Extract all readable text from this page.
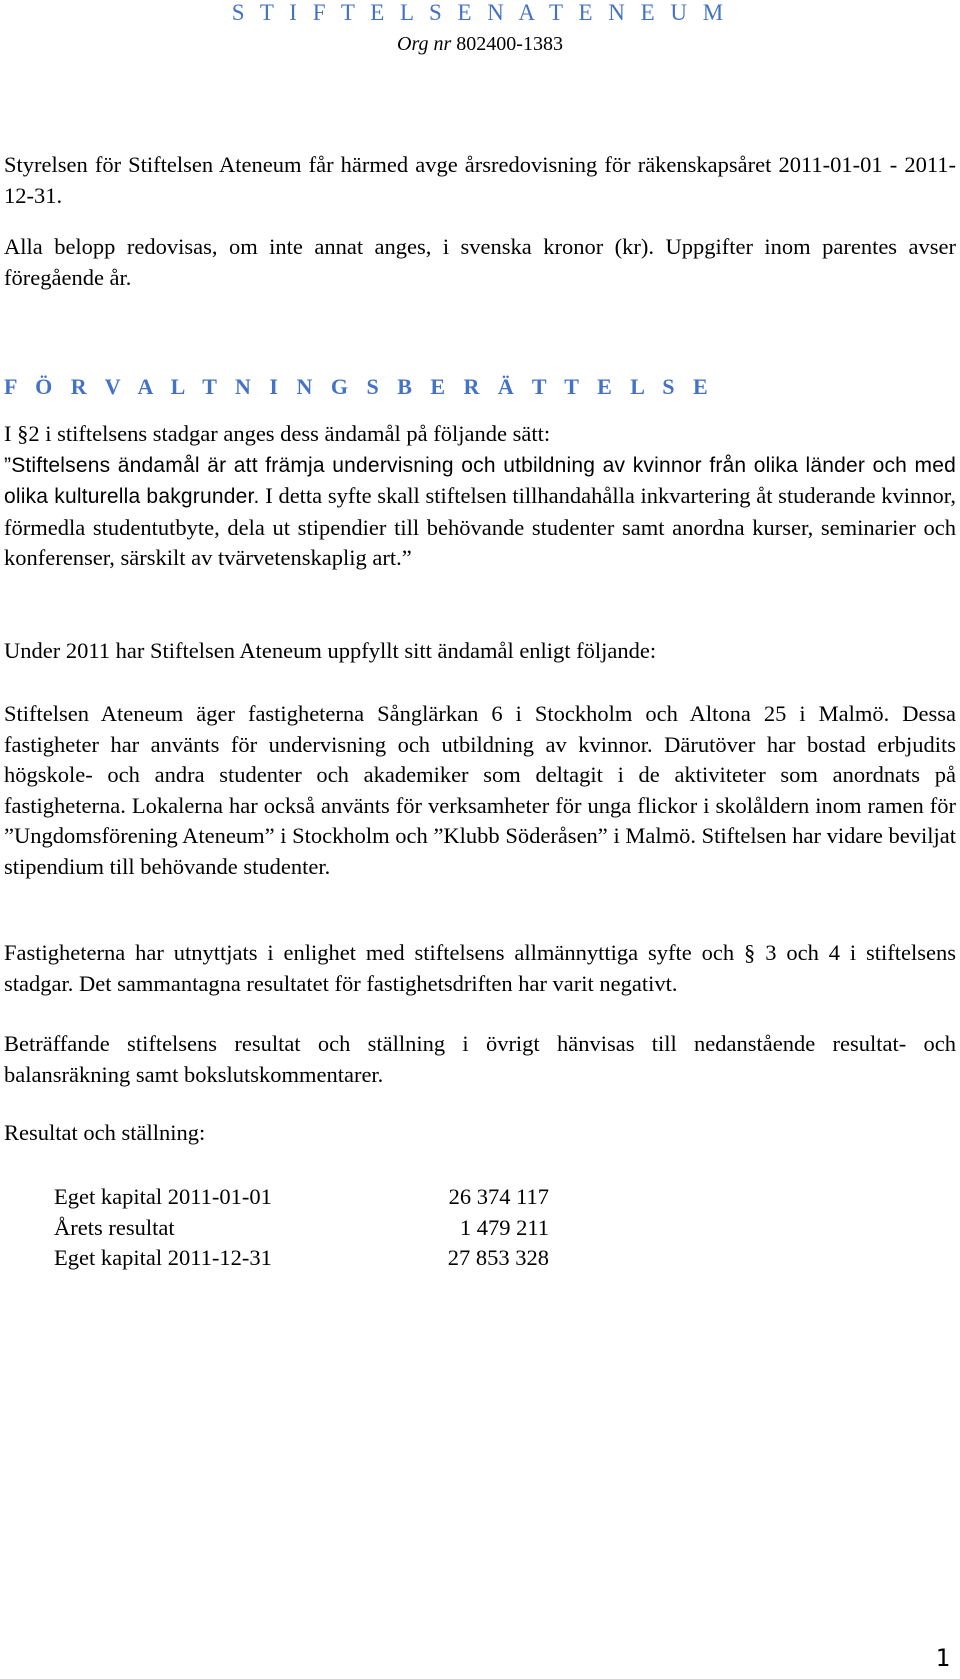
S T I F T E L S E N A T E N E U M
Org nr 802400-1383

Styrelsen för Stiftelsen Ateneum får härmed avge årsredovisning för räkenskapsåret 2011-01-01 - 2011-12-31.

Alla belopp redovisas, om inte annat anges, i svenska kronor (kr). Uppgifter inom parentes avser föregående år.

F Ö R V A L T N I N G S B E R Ä T T E L S E
I §2 i stiftelsens stadgar anges dess ändamål på följande sätt:
”Stiftelsens ändamål är att främja undervisning och utbildning av kvinnor från olika länder och med olika kulturella bakgrunder. I detta syfte skall stiftelsen tillhandahålla inkvartering åt studerande kvinnor, förmedla studentutbyte, dela ut stipendier till behövande studenter samt anordna kurser, seminarier och konferenser, särskilt av tvärvetenskaplig art.”

Under 2011 har Stiftelsen Ateneum uppfyllt sitt ändamål enligt följande:

Stiftelsen Ateneum äger fastigheterna Sånglärkan 6 i Stockholm och Altona 25 i Malmö. Dessa fastigheter har använts för undervisning och utbildning av kvinnor. Därutöver har bostad erbjudits högskole- och andra studenter och akademiker som deltagit i de aktiviteter som anordnats på fastigheterna. Lokalerna har också använts för verksamheter för unga flickor i skolåldern inom ramen för ”Ungdomsförening Ateneum” i Stockholm och ”Klubb Söderåsen” i Malmö. Stiftelsen har vidare beviljat stipendium till behövande studenter.

Fastigheterna har utnyttjats i enlighet med stiftelsens allmännyttiga syfte och § 3 och 4 i stiftelsens stadgar. Det sammantagna resultatet för fastighetsdriften har varit negativt.

Beträffande stiftelsens resultat och ställning i övrigt hänvisas till nedanstående resultat- och balansräkning samt bokslutskommentarer.

Resultat och ställning:

Eget kapital 2011-01-01	26 374 117
Årets resultat	1 479 211
Eget kapital 2011-12-31	27 853 328
1
